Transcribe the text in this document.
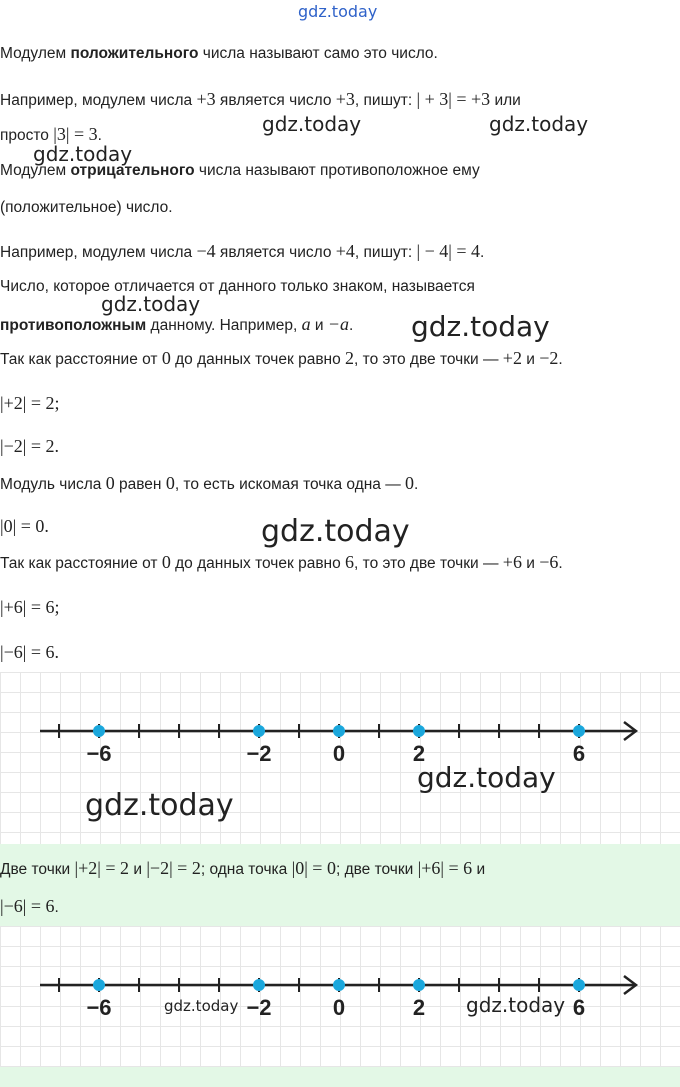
gdz.today
Модулем положительного числа называют само это число.
Например, модулем числа +3 является число +3, пишут: | + 3| = +3 или
просто |3| = 3.
Модулем отрицательного числа называют противоположное ему
(положительное) число.
Например, модулем числа −4 является число +4, пишут: | − 4| = 4.
Число, которое отличается от данного только знаком, называется
противоположным данному. Например, a и −a.
Так как расстояние от 0 до данных точек равно 2, то это две точки — +2 и −2.
|+2| = 2;
|−2| = 2.
Модуль числа 0 равен 0, то есть искомая точка одна — 0.
|0| = 0.
Так как расстояние от 0 до данных точек равно 6, то это две точки — +6 и −6.
|+6| = 6;
|−6| = 6.
−6	−2	0	2	6
Две точки |+2| = 2 и |−2| = 2; одна точка |0| = 0; две точки |+6| = 6 и
|−6| = 6.
−6	−2	0	2	6
gdz.today	gdz.today
gdz.today
gdz.today
gdz.today
gdz.today
gdz.today
gdz.today
gdz.today	gdz.today
